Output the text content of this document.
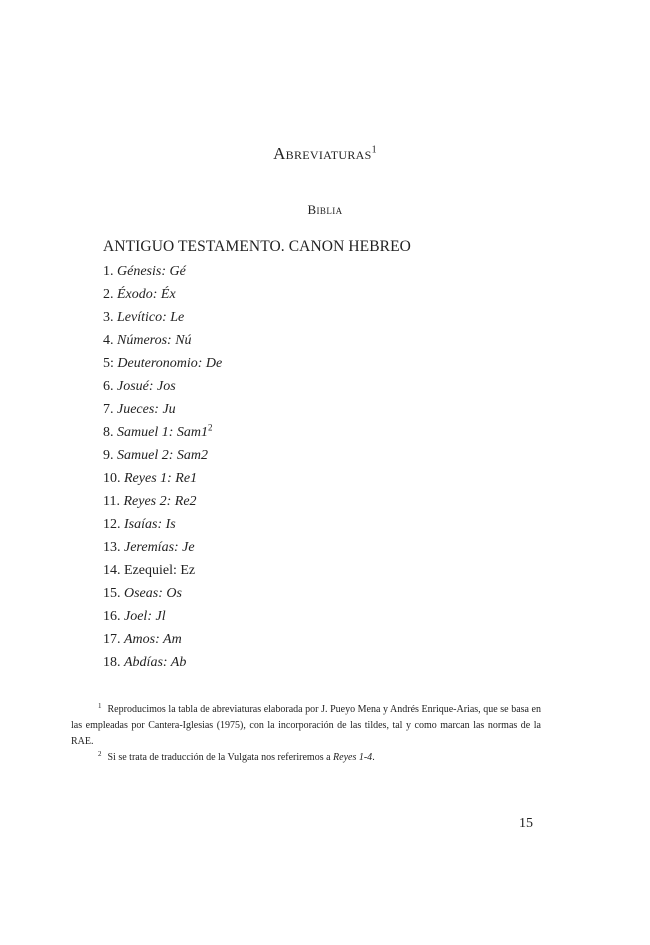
Abreviaturas$^1$
Biblia
ANTIGUO TESTAMENTO. CANON HEBREO
1. Génesis: Gé
2. Éxodo: Éx
3. Levítico: Le
4. Números: Nú
5: Deuteronomio: De
6. Josué: Jos
7. Jueces: Ju
8. Samuel 1: $Sam1^2$
9. Samuel 2: Sam2
10. Reyes 1: Re1
11. Reyes 2: Re2
12. Isaías: Is
13. Jeremías: Je
14. Ezequiel: Ez
15. Oseas: Os
16. Joel: Jl
17. Amos: Am
18. Abdías: Ab

$^1$ Reproducimos la tabla de abreviaturas elaborada por J. Pueyo Mena y Andrés Enrique-Arias, que se basa en las empleadas por Cantera-Iglesias (1975), con la incorporación de las tildes, tal y como marcan las normas de la RAE.

$^2$ Si se trata de traducción de la Vulgata nos referiremos a Reyes 1-4.

15
